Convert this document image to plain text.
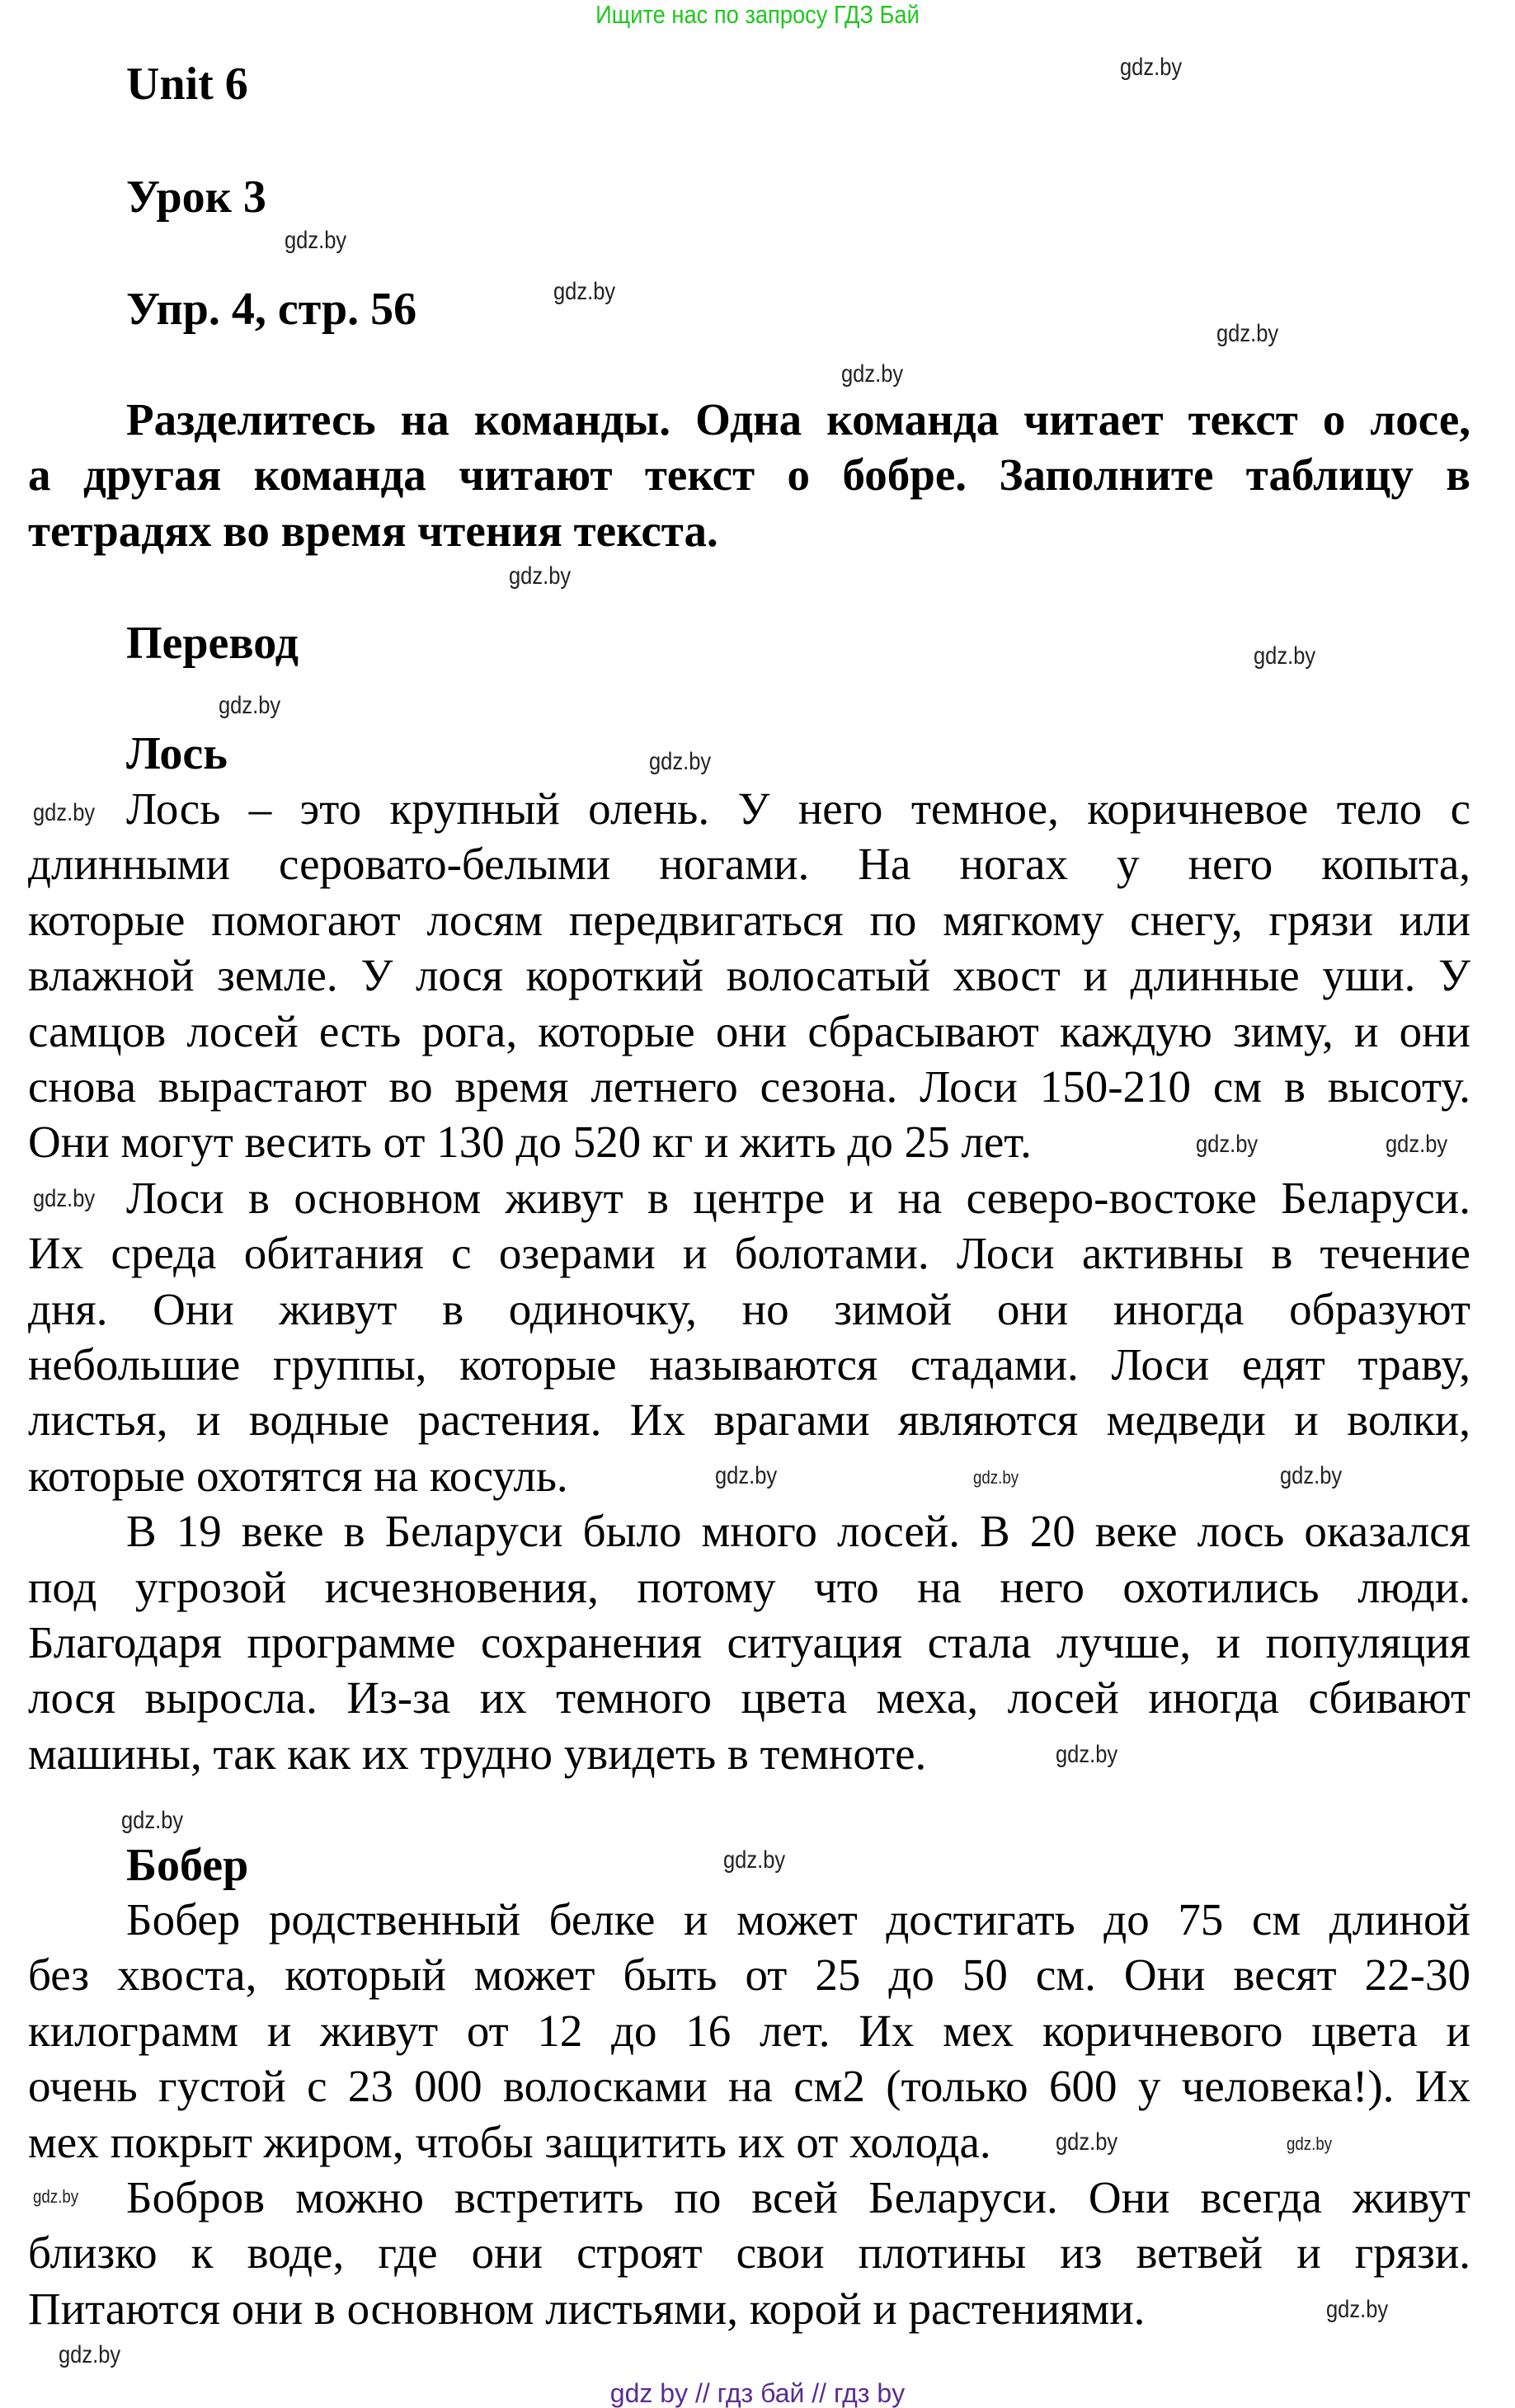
Ищите нас по запросу ГДЗ Бай
Unit 6
Урок 3
Упр. 4, стр. 56
Разделитесь на команды. Одна команда читает текст о лосе,
а другая команда читают текст о бобре. Заполните таблицу в
тетрадях во время чтения текста.
Перевод
Лось
Лось – это крупный олень. У него темное, коричневое тело с
длинными серовато-белыми ногами. На ногах у него копыта,
которые помогают лосям передвигаться по мягкому снегу, грязи или
влажной земле. У лося короткий волосатый хвост и длинные уши. У
самцов лосей есть рога, которые они сбрасывают каждую зиму, и они
снова вырастают во время летнего сезона. Лоси 150-210 см в высоту.
Они могут весить от 130 до 520 кг и жить до 25 лет.
Лоси в основном живут в центре и на северо-востоке Беларуси.
Их среда обитания с озерами и болотами. Лоси активны в течение
дня. Они живут в одиночку, но зимой они иногда образуют
небольшие группы, которые называются стадами. Лоси едят траву,
листья, и водные растения. Их врагами являются медведи и волки,
которые охотятся на косуль.
В 19 веке в Беларуси было много лосей. В 20 веке лось оказался
под угрозой исчезновения, потому что на него охотились люди.
Благодаря программе сохранения ситуация стала лучше, и популяция
лося выросла. Из-за их темного цвета меха, лосей иногда сбивают
машины, так как их трудно увидеть в темноте.
Бобер
Бобер родственный белке и может достигать до 75 см длиной
без хвоста, который может быть от 25 до 50 см. Они весят 22-30
килограмм и живут от 12 до 16 лет. Их мех коричневого цвета и
очень густой с 23 000 волосками на см2 (только 600 у человека!). Их
мех покрыт жиром, чтобы защитить их от холода.
Бобров можно встретить по всей Беларуси. Они всегда живут
близко к воде, где они строят свои плотины из ветвей и грязи.
Питаются они в основном листьями, корой и растениями.
gdz.by
gdz.by
gdz.by
gdz.by
gdz.by
gdz.by
gdz.by
gdz.by
gdz.by
gdz.by
gdz.by	gdz.by
gdz.by
gdz.by	gdz.by
gdz.by
gdz.by
gdz.by
gdz.by
gdz.by
gdz.by
gdz.by
gdz.by
gdz.by
gdz by // гдз бай // гдз by
